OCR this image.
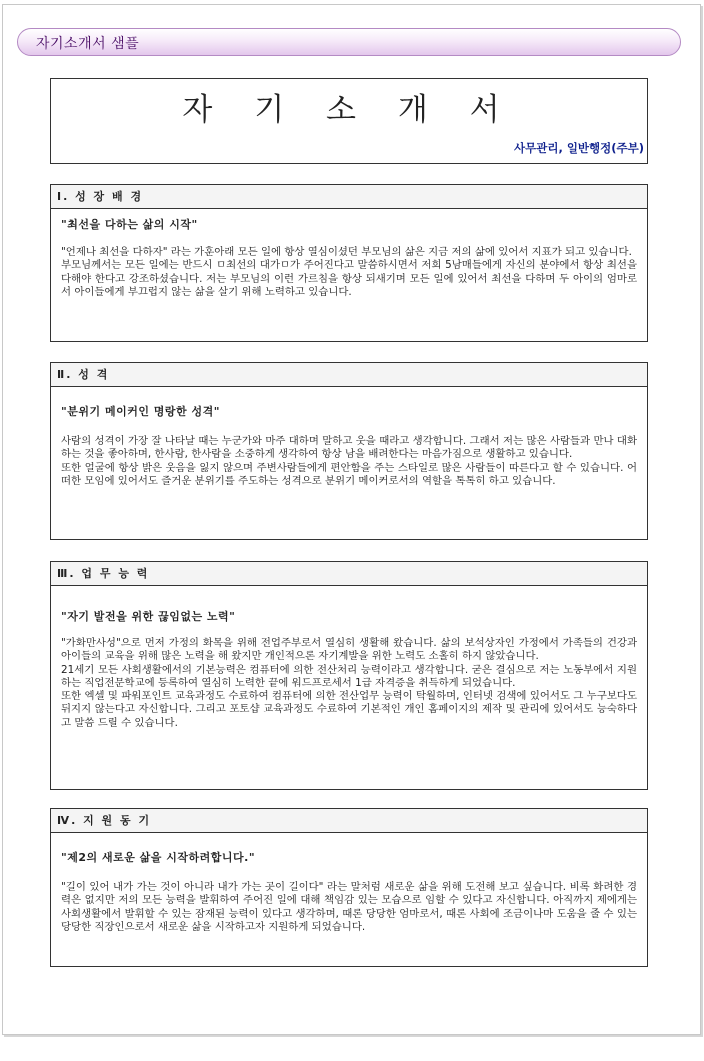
자기소개서 샘플
자 기 소 개 서
사무관리, 일반행정(주부)
Ⅰ. 성 장 배 경

"최선을 다하는 삶의 시작"

"언제나 최선을 다하자" 라는 가훈아래 모든 일에 항상 열심이셨던 부모님의 삶은 지금 저의 삶에 있어서 지표가 되고 있습니다.

부모님께서는 모든 일에는 반드시 ㅁ최선의 대가ㅁ가 주어진다고 말씀하시면서 저희 5남매들에게 자신의 분야에서 항상 최선을 다해야 한다고 강조하셨습니다. 저는 부모님의 이런 가르침을 항상 되새기며 모든 일에 있어서 최선을 다하며 두 아이의 엄마로서 아이들에게 부끄럽지 않는 삶을 살기 위해 노력하고 있습니다.

Ⅱ. 성 격

"분위기 메이커인 명랑한 성격"

사람의 성격이 가장 잘 나타날 때는 누군가와 마주 대하며 말하고 웃을 때라고 생각합니다. 그래서 저는 많은 사람들과 만나 대화하는 것을 좋아하며, 한사람, 한사람을 소중하게 생각하여 항상 남을 배려한다는 마음가짐으로 생활하고 있습니다.

또한 얼굴에 항상 밝은 웃음을 잃지 않으며 주변사람들에게 편안함을 주는 스타일로 많은 사람들이 따른다고 할 수 있습니다. 어떠한 모임에 있어서도 즐거운 분위기를 주도하는 성격으로 분위기 메이커로서의 역할을 톡톡히 하고 있습니다.

Ⅲ. 업 무 능 력

"자기 발전을 위한 끊임없는 노력"

"가화만사성"으로 먼저 가정의 화목을 위해 전업주부로서 열심히 생활해 왔습니다. 삶의 보석상자인 가정에서 가족들의 건강과 아이들의 교육을 위해 많은 노력을 해 왔지만 개인적으론 자기계발을 위한 노력도 소홀히 하지 않았습니다.

21세기 모든 사회생활에서의 기본능력은 컴퓨터에 의한 전산처리 능력이라고 생각합니다. 굳은 결심으로 저는 노동부에서 지원하는 직업전문학교에 등록하여 열심히 노력한 끝에 워드프로세서 1급 자격증을 취득하게 되었습니다.

또한 엑셀 및 파워포인트 교육과정도 수료하여 컴퓨터에 의한 전산업무 능력이 탁월하며, 인터넷 검색에 있어서도 그 누구보다도 뒤지지 않는다고 자신합니다. 그리고 포토샵 교육과정도 수료하여 기본적인 개인 홈페이지의 제작 및 관리에 있어서도 능숙하다고 말씀 드릴 수 있습니다.

Ⅳ. 지 원 동 기

"제2의 새로운 삶을 시작하려합니다."

"길이 있어 내가 가는 것이 아니라 내가 가는 곳이 길이다" 라는 말처럼 새로운 삶을 위해 도전해 보고 싶습니다. 비록 화려한 경력은 없지만 저의 모든 능력을 발휘하여 주어진 일에 대해 책임감 있는 모습으로 임할 수 있다고 자신합니다. 아직까지 제에게는 사회생활에서 발휘할 수 있는 잠재된 능력이 있다고 생각하며, 때론 당당한 엄마로서, 때론 사회에 조금이나마 도움을 줄 수 있는 당당한 직장인으로서 새로운 삶을 시작하고자 지원하게 되었습니다.
